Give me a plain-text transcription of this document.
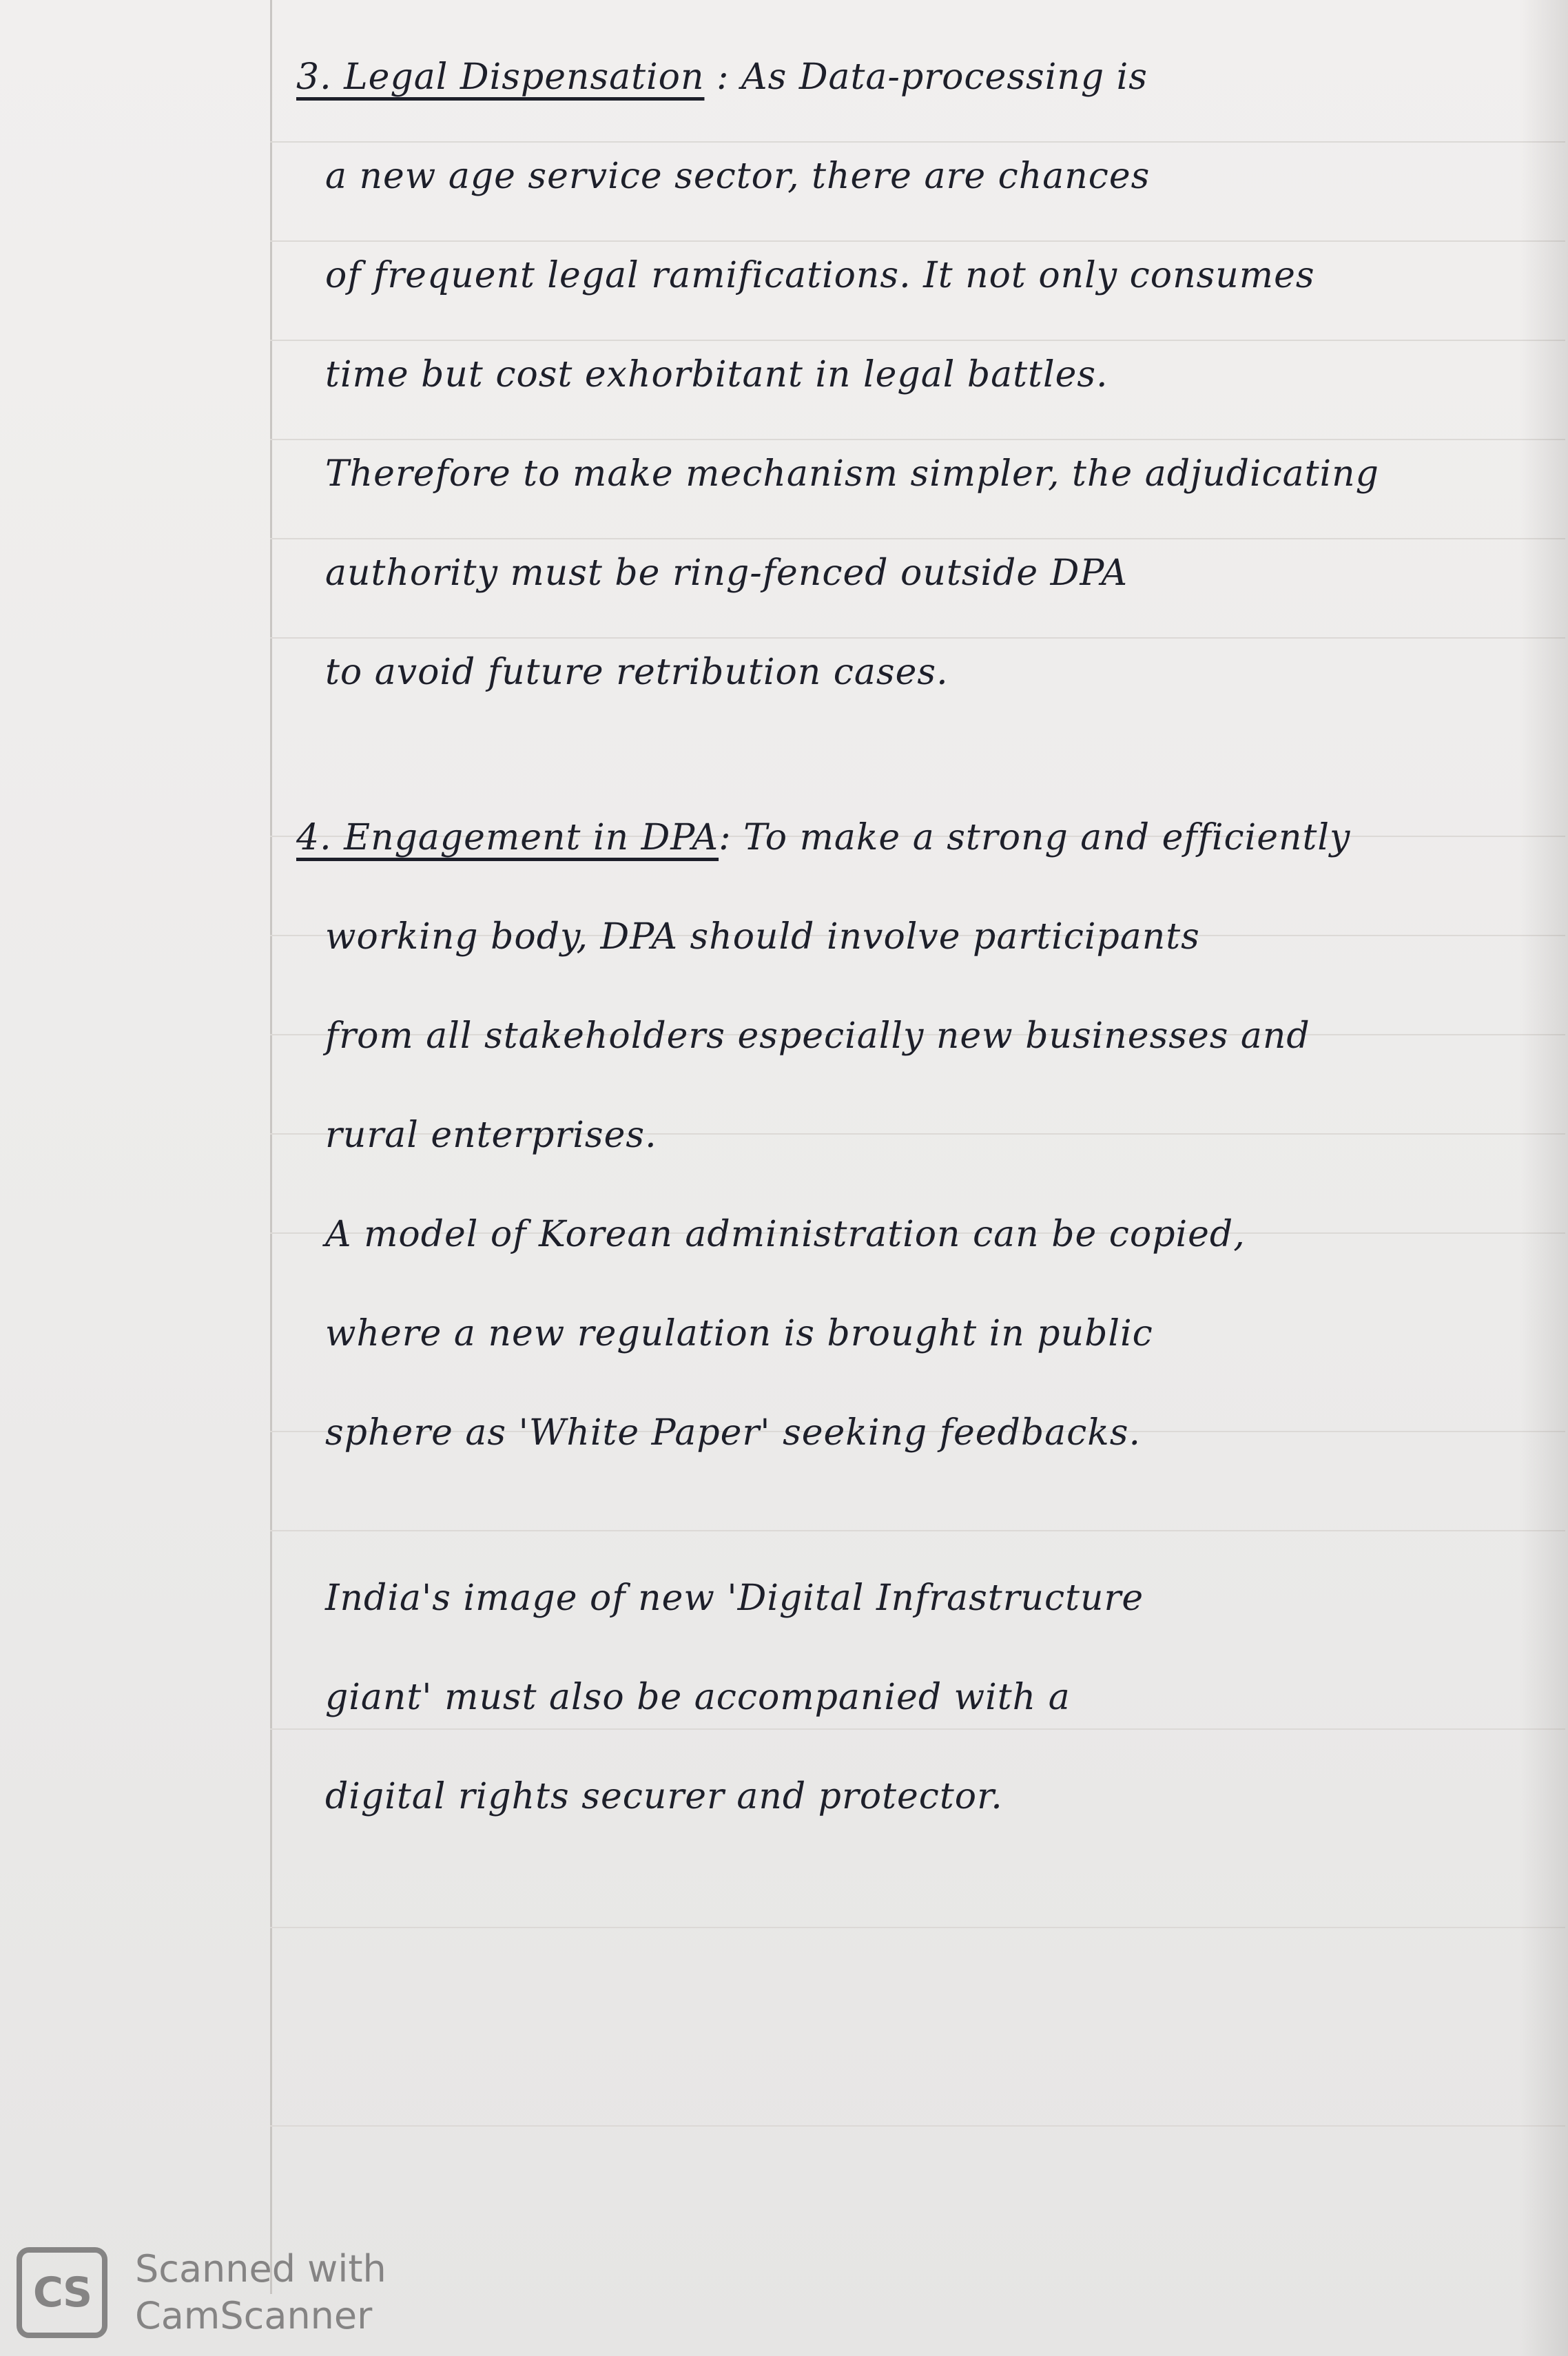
3. Legal Dispensation : As Data-processing is
a new age service sector, there are chances
of frequent legal ramifications. It not only consumes
time but cost exhorbitant in legal battles.
Therefore to make mechanism simpler, the adjudicating
authority must be ring-fenced outside DPA
to avoid future retribution cases.
4. Engagement in DPA: To make a strong and efficiently
working body, DPA should involve participants
from all stakeholders especially new businesses and
rural enterprises.
A model of Korean administration can be copied,
where a new regulation is brought in public
sphere as 'White Paper' seeking feedbacks.
India's image of new 'Digital Infrastructure
giant' must also be accompanied with a
digital rights securer and protector.
CS	Scanned with
CamScanner
